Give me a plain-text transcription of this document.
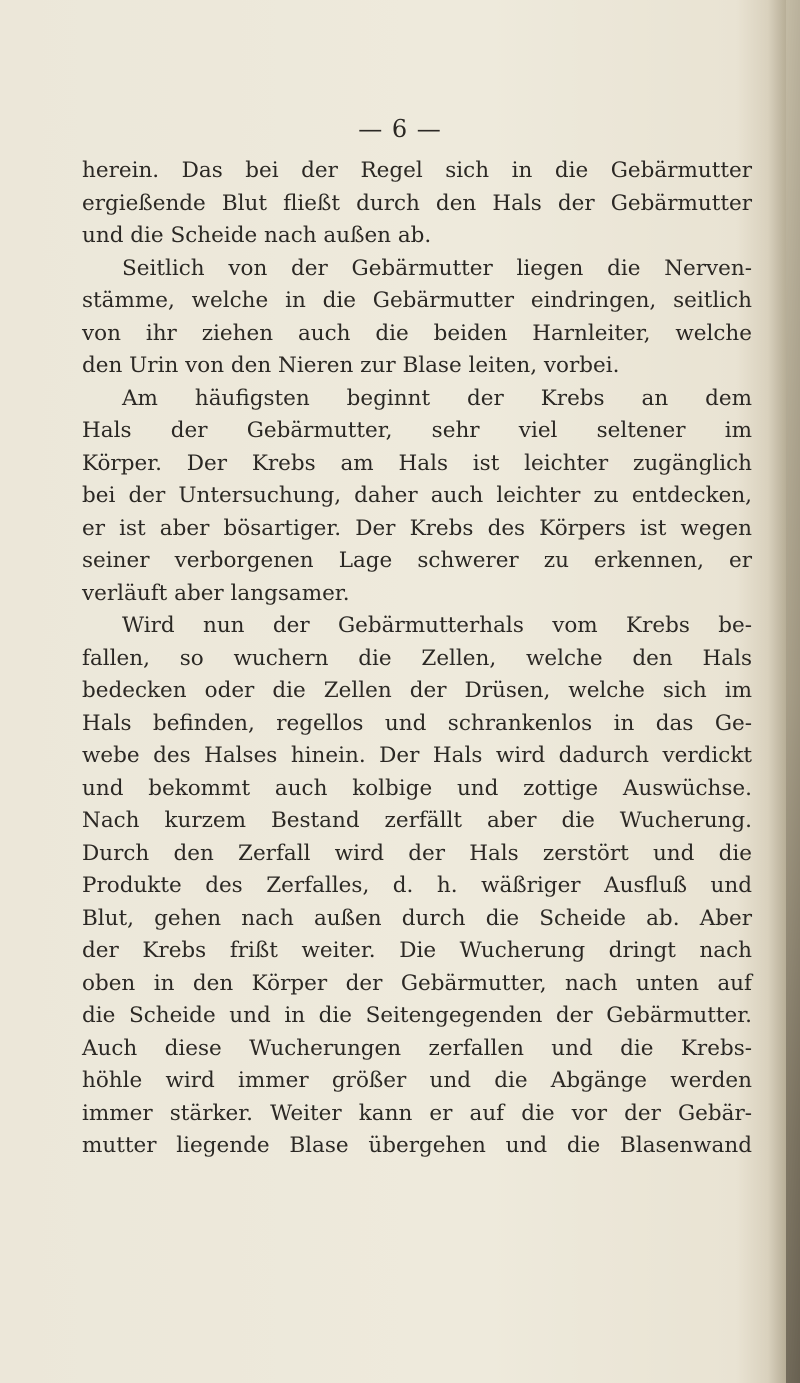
— 6 —
herein. Das bei der Regel sich in die Gebärmutter
ergießende Blut fließt durch den Hals der Gebärmutter
und die Scheide nach außen ab.
Seitlich von der Gebärmutter liegen die Nerven-
stämme, welche in die Gebärmutter eindringen, seitlich
von ihr ziehen auch die beiden Harnleiter, welche
den Urin von den Nieren zur Blase leiten, vorbei.
Am häufigsten beginnt der Krebs an dem
Hals der Gebärmutter, sehr viel seltener im
Körper. Der Krebs am Hals ist leichter zugänglich
bei der Untersuchung, daher auch leichter zu entdecken,
er ist aber bösartiger. Der Krebs des Körpers ist wegen
seiner verborgenen Lage schwerer zu erkennen, er
verläuft aber langsamer.
Wird nun der Gebärmutterhals vom Krebs be-
fallen, so wuchern die Zellen, welche den Hals
bedecken oder die Zellen der Drüsen, welche sich im
Hals befinden, regellos und schrankenlos in das Ge-
webe des Halses hinein. Der Hals wird dadurch verdickt
und bekommt auch kolbige und zottige Auswüchse.
Nach kurzem Bestand zerfällt aber die Wucherung.
Durch den Zerfall wird der Hals zerstört und die
Produkte des Zerfalles, d. h. wäßriger Ausfluß und
Blut, gehen nach außen durch die Scheide ab. Aber
der Krebs frißt weiter. Die Wucherung dringt nach
oben in den Körper der Gebärmutter, nach unten auf
die Scheide und in die Seitengegenden der Gebärmutter.
Auch diese Wucherungen zerfallen und die Krebs-
höhle wird immer größer und die Abgänge werden
immer stärker. Weiter kann er auf die vor der Gebär-
mutter liegende Blase übergehen und die Blasenwand
